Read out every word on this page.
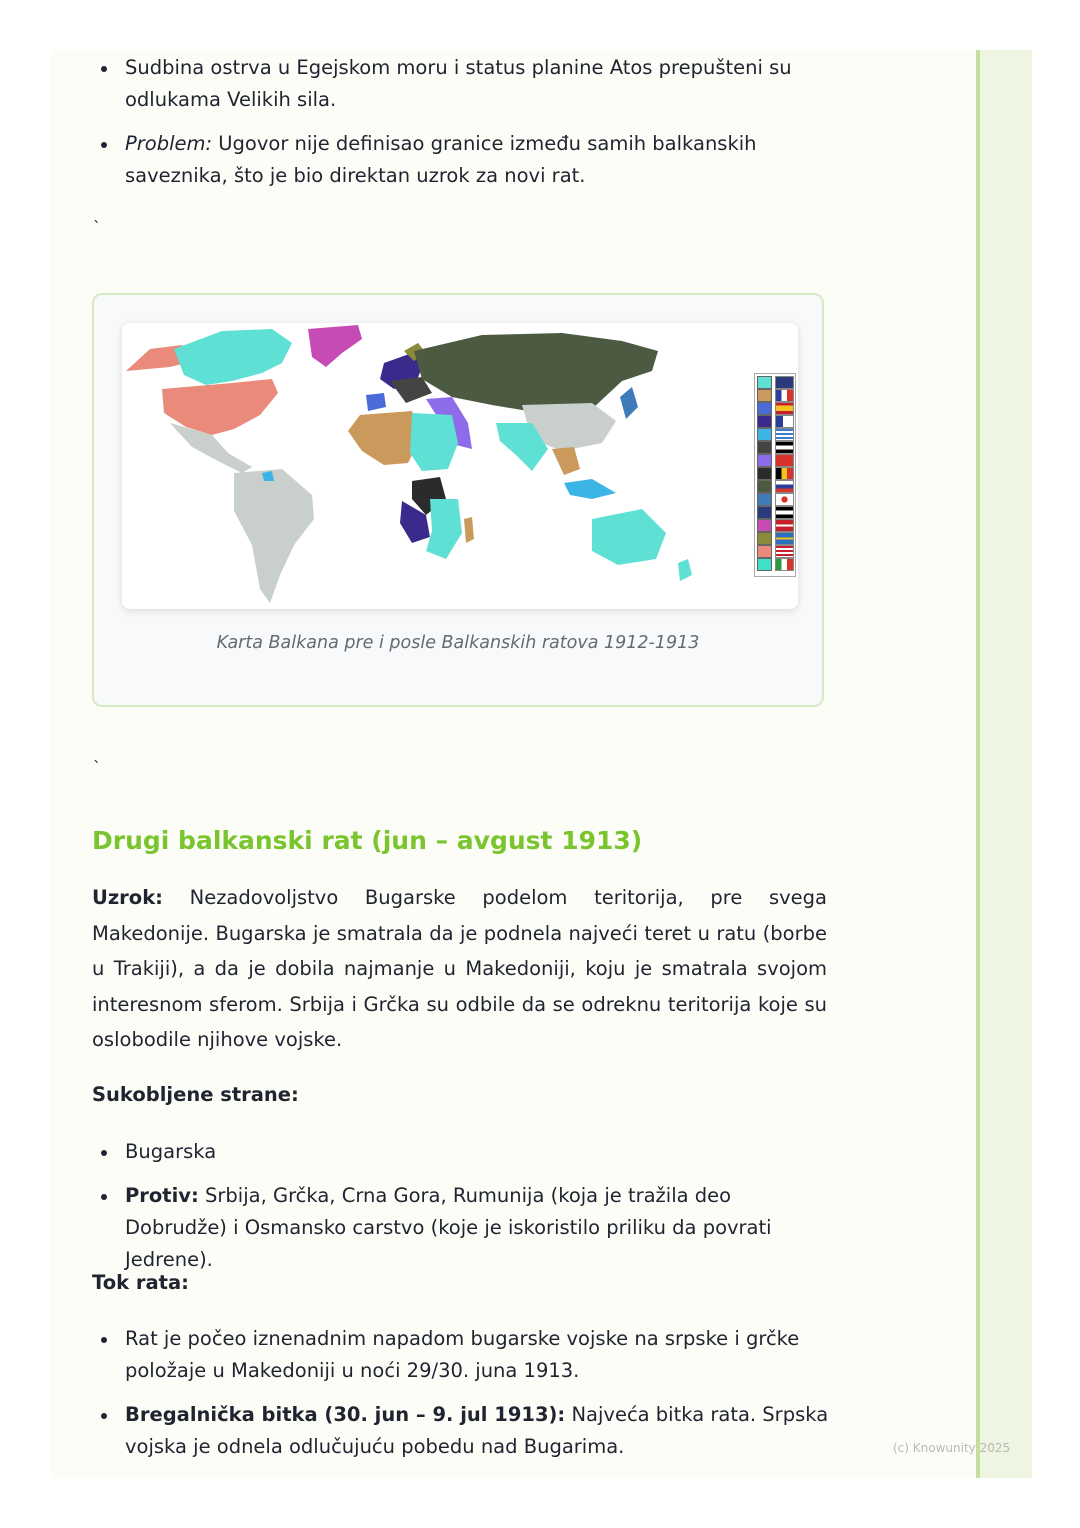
Sudbina ostrva u Egejskom moru i status planine Atos prepušteni su odlukama Velikih sila.
Problem: Ugovor nije definisao granice između samih balkanskih saveznika, što je bio direktan uzrok za novi rat.
`
Karta Balkana pre i posle Balkanskih ratova 1912-1913
`
Drugi balkanski rat (jun – avgust 1913)

Uzrok: Nezadovoljstvo Bugarske podelom teritorija, pre svega Makedonije. Bugarska je smatrala da je podnela najveći teret u ratu (borbe u Trakiji), a da je dobila najmanje u Makedoniji, koju je smatrala svojom interesnom sferom. Srbija i Grčka su odbile da se odreknu teritorija koje su oslobodile njihove vojske.

Sukobljene strane:

Bugarska
Protiv: Srbija, Grčka, Crna Gora, Rumunija (koja je tražila deo Dobrudže) i Osmansko carstvo (koje je iskoristilo priliku da povrati Jedrene).

Tok rata:

Rat je počeo iznenadnim napadom bugarske vojske na srpske i grčke položaje u Makedoniji u noći 29/30. juna 1913.
Bregalnička bitka (30. jun – 9. jul 1913): Najveća bitka rata. Srpska vojska je odnela odlučujuću pobedu nad Bugarima.	(c) Knowunity 2025
